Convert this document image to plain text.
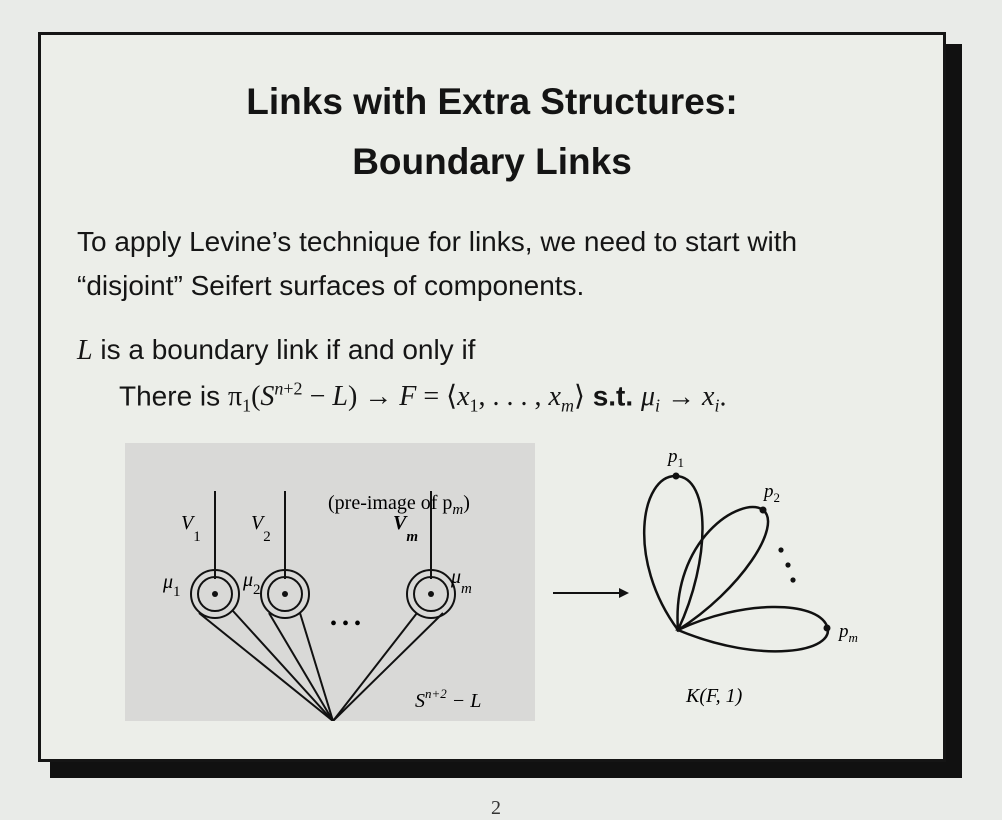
Links with Extra Structures:
Boundary Links
To apply Levine’s technique for links, we need to start with
“disjoint” Seifert surfaces of components.
L is a boundary link if and only if
There is $\pi_1(S^{n+2} - L) \to F$ = $⟨x_1$, . . . , $x_m⟩$ s.t. $\mu_i \to x_i$.
(pre-image of $p_m$)
$V_1$
$V_2$
$V_m$
$\mu_1$
$\mu_2$
$\mu_m$
• • •
$S^{n+2} - L$
$p_1$
$p_2$
$p_m$
K(F, 1)
2
